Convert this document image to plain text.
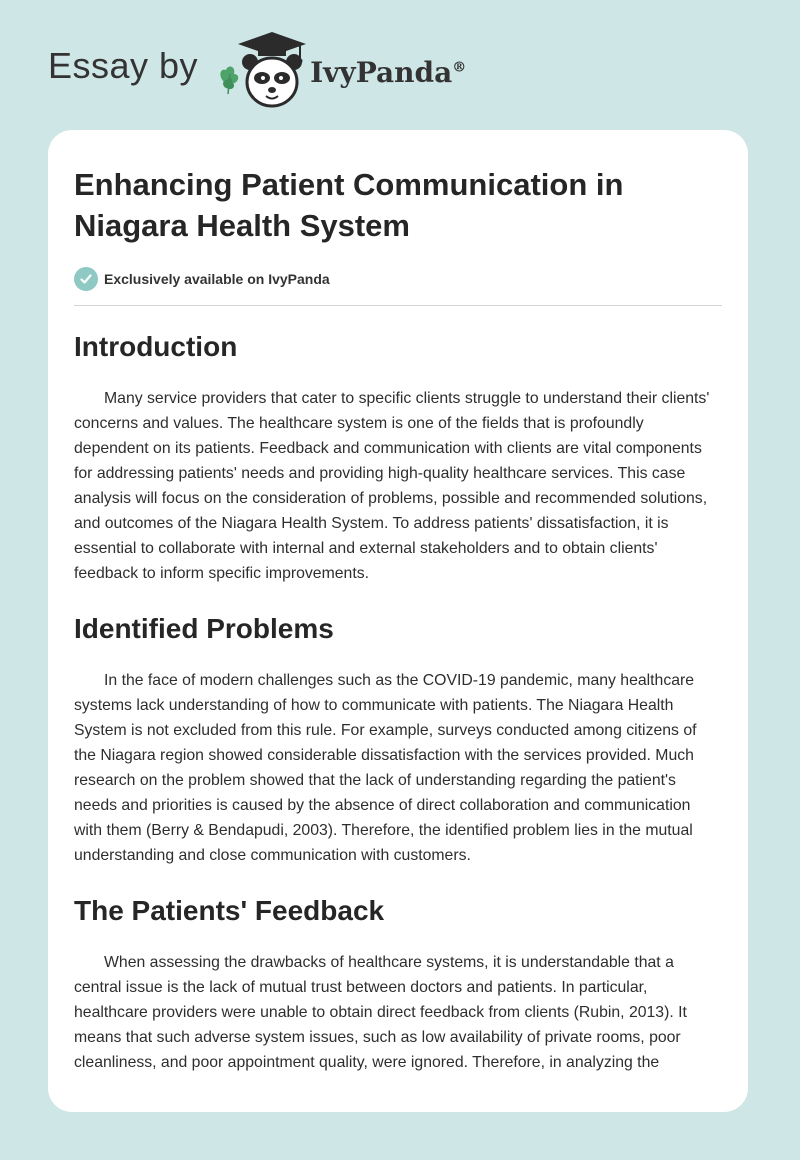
Essay by	IvyPanda®
Enhancing Patient Communication in Niagara Health System
Exclusively available on IvyPanda
Introduction

Many service providers that cater to specific clients struggle to understand their clients' concerns and values. The healthcare system is one of the fields that is profoundly dependent on its patients. Feedback and communication with clients are vital components for addressing patients' needs and providing high-quality healthcare services. This case analysis will focus on the consideration of problems, possible and recommended solutions, and outcomes of the Niagara Health System. To address patients' dissatisfaction, it is essential to collaborate with internal and external stakeholders and to obtain clients' feedback to inform specific improvements.

Identified Problems

In the face of modern challenges such as the COVID-19 pandemic, many healthcare systems lack understanding of how to communicate with patients. The Niagara Health System is not excluded from this rule. For example, surveys conducted among citizens of the Niagara region showed considerable dissatisfaction with the services provided. Much research on the problem showed that the lack of understanding regarding the patient's needs and priorities is caused by the absence of direct collaboration and communication with them (Berry & Bendapudi, 2003). Therefore, the identified problem lies in the mutual understanding and close communication with customers.

The Patients' Feedback

When assessing the drawbacks of healthcare systems, it is understandable that a central issue is the lack of mutual trust between doctors and patients. In particular, healthcare providers were unable to obtain direct feedback from clients (Rubin, 2013). It means that such adverse system issues, such as low availability of private rooms, poor cleanliness, and poor appointment quality, were ignored. Therefore, in analyzing the
